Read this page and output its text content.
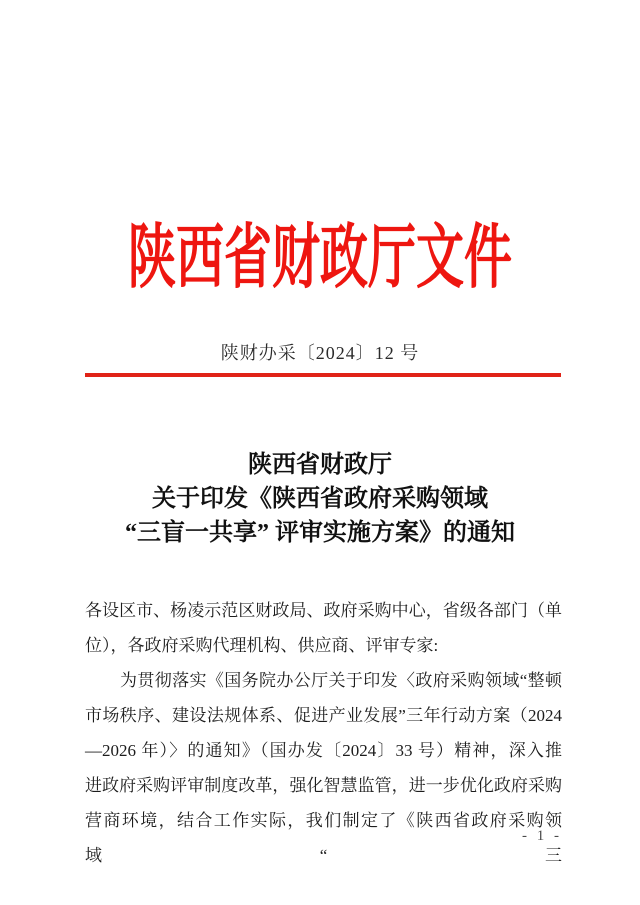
陕西省财政厅文件
陕财办采〔2024〕12 号
陕西省财政厅
关于印发《陕西省政府采购领域
“三盲一共享” 评审实施方案》的通知
各设区市、杨凌示范区财政局、政府采购中心，省级各部门（单
位），各政府采购代理机构、供应商、评审专家:
为贯彻落实《国务院办公厅关于印发〈政府采购领域“整顿
市场秩序、建设法规体系、促进产业发展”三年行动方案（2024
—2026 年）〉的通知》（国办发〔2024〕33 号）精神，深入推
进政府采购评审制度改革，强化智慧监管，进一步优化政府采购
营商环境，结合工作实际，我们制定了《陕西省政府采购领域“三
- 1 -
